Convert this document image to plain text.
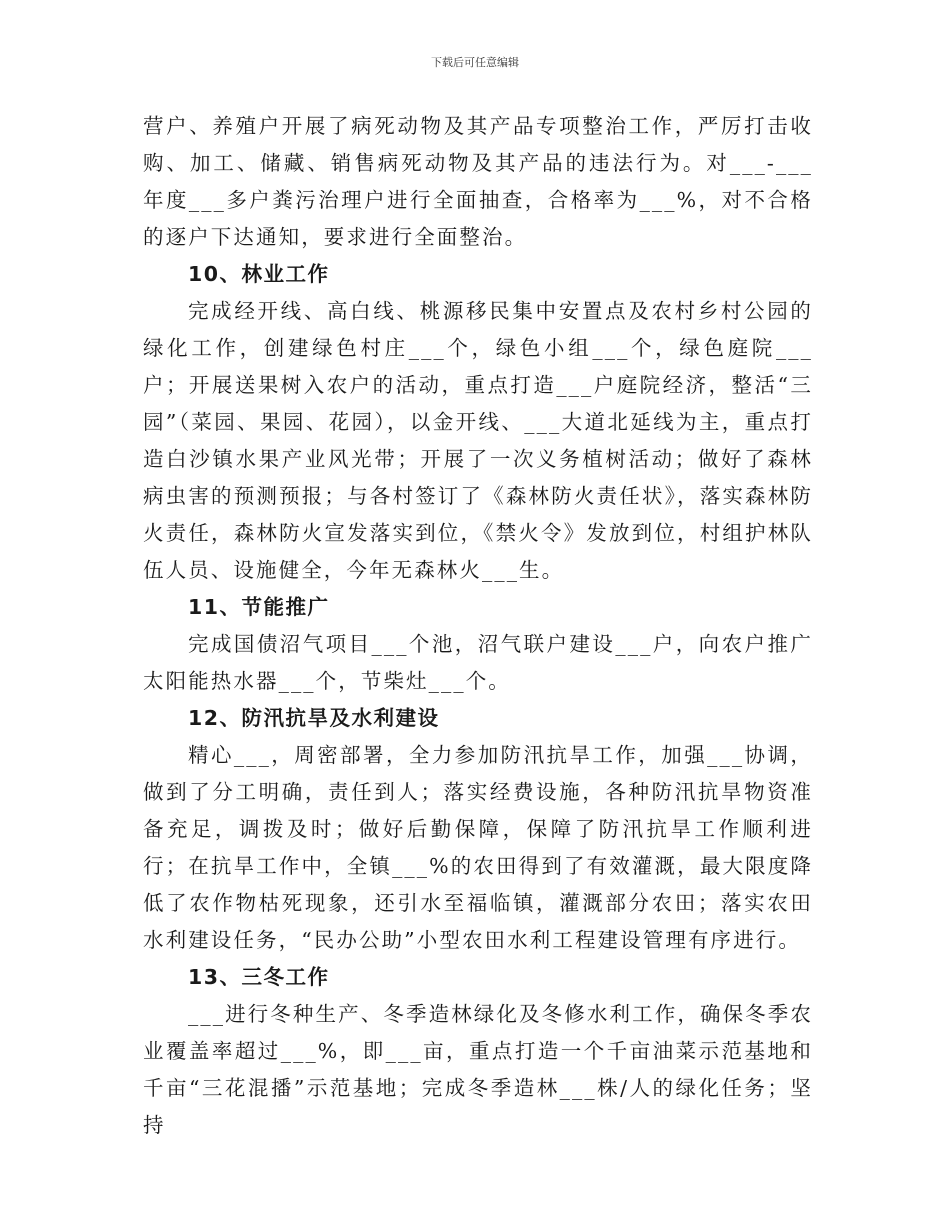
下载后可任意编辑

营户、养殖户开展了病死动物及其产品专项整治工作，严厉打击收购、加工、储藏、销售病死动物及其产品的违法行为。对___-___年度___多户粪污治理户进行全面抽查，合格率为___%，对不合格的逐户下达通知，要求进行全面整治。

10、林业工作

完成经开线、高白线、桃源移民集中安置点及农村乡村公园的绿化工作，创建绿色村庄___个，绿色小组___个，绿色庭院___户；开展送果树入农户的活动，重点打造___户庭院经济，整活“三园”（菜园、果园、花园），以金开线、___大道北延线为主，重点打造白沙镇水果产业风光带；开展了一次义务植树活动；做好了森林病虫害的预测预报；与各村签订了《森林防火责任状》，落实森林防火责任，森林防火宣发落实到位，《禁火令》发放到位，村组护林队伍人员、设施健全，今年无森林火___生。

11、节能推广

完成国债沼气项目___个池，沼气联户建设___户，向农户推广太阳能热水器___个，节柴灶___个。

12、防汛抗旱及水利建设

精心___，周密部署，全力参加防汛抗旱工作，加强___协调，做到了分工明确，责任到人；落实经费设施，各种防汛抗旱物资准备充足，调拨及时；做好后勤保障，保障了防汛抗旱工作顺利进行；在抗旱工作中，全镇___%的农田得到了有效灌溉，最大限度降低了农作物枯死现象，还引水至福临镇，灌溉部分农田；落实农田水利建设任务，“民办公助”小型农田水利工程建设管理有序进行。

13、三冬工作

___进行冬种生产、冬季造林绿化及冬修水利工作，确保冬季农业覆盖率超过___%，即___亩，重点打造一个千亩油菜示范基地和千亩“三花混播”示范基地；完成冬季造林___株/人的绿化任务；坚持
